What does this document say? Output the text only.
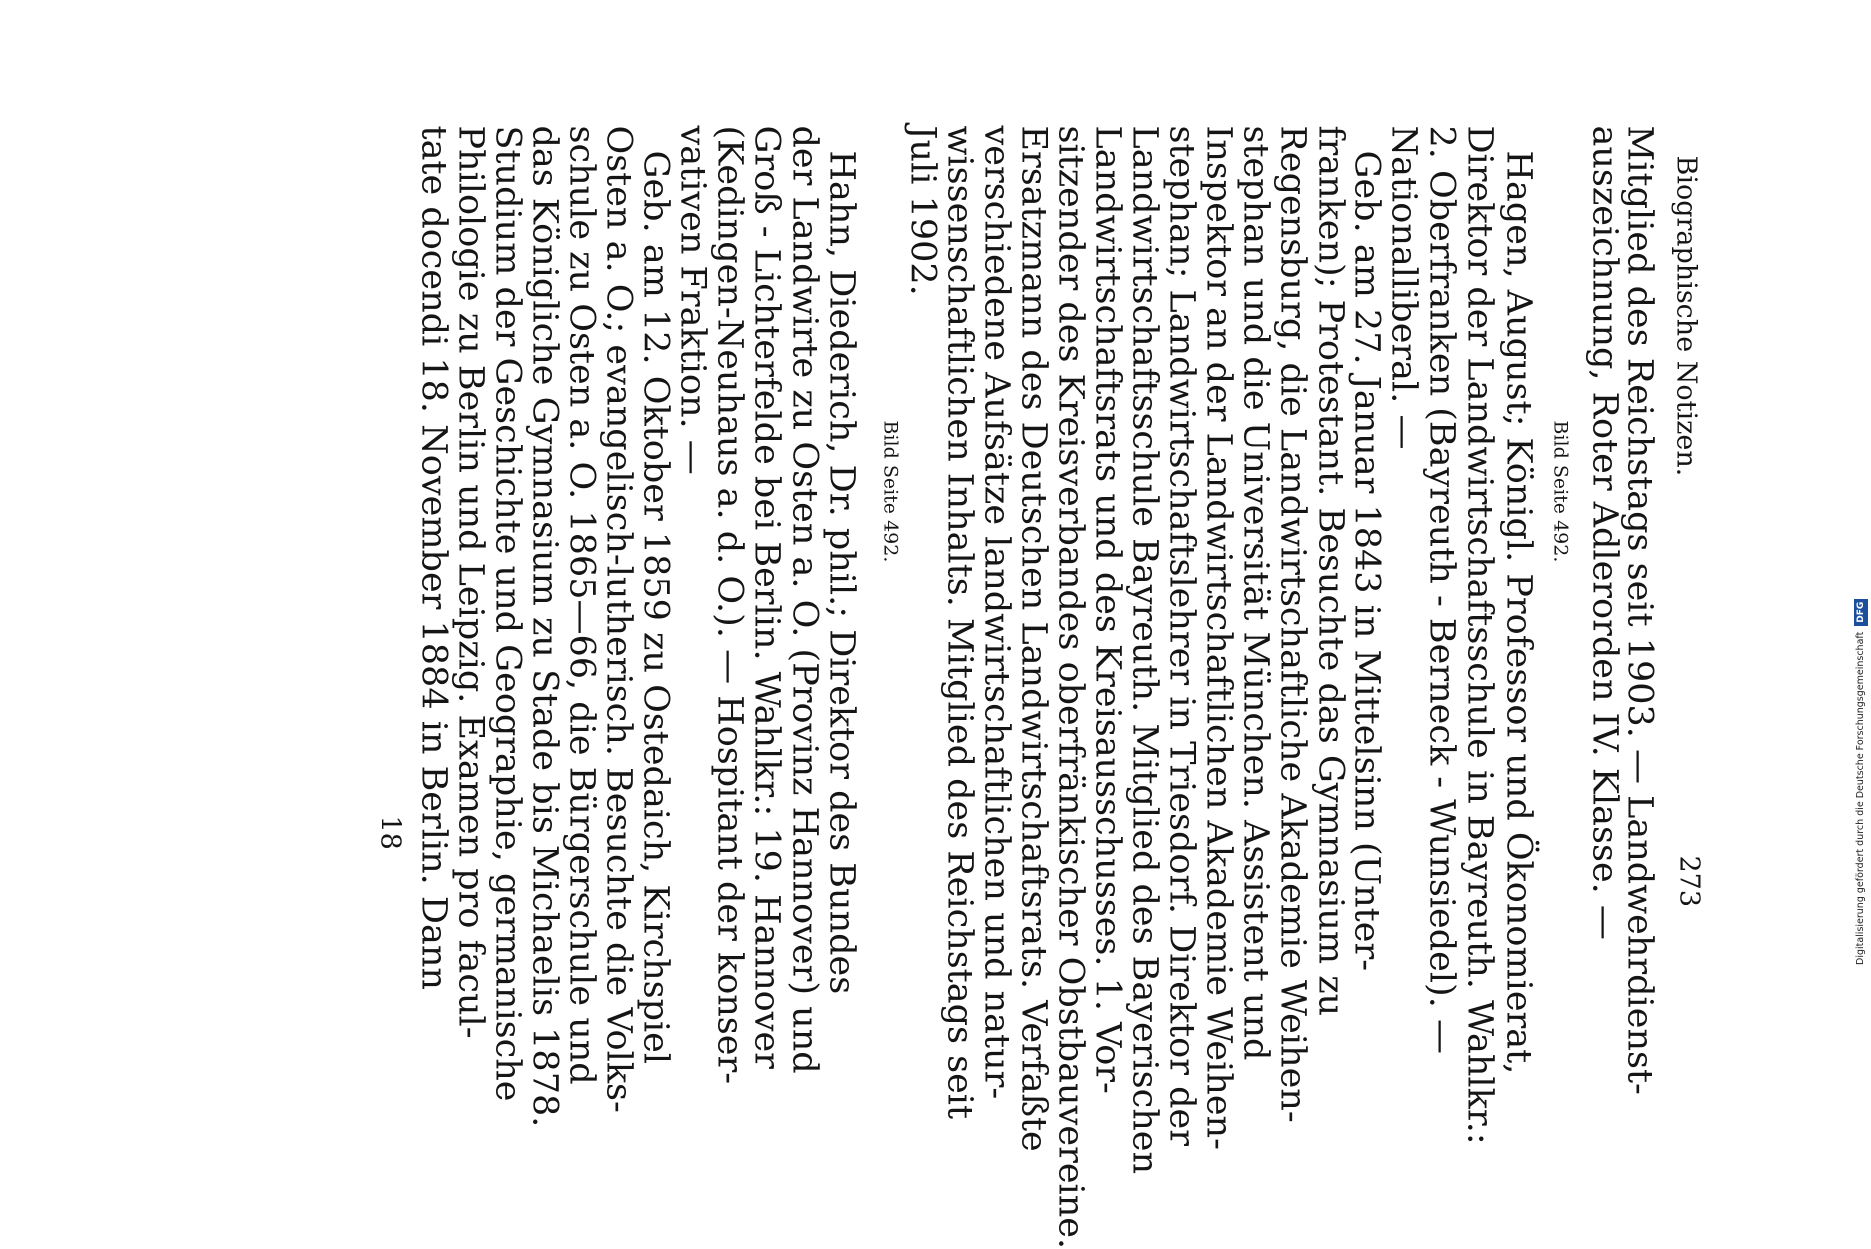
Biographische Notizen.
273
Mitglied des Reichstags seit 1903. — Landwehrdienst-
auszeichnung, Roter Adlerorden IV. Klasse. —
Bild Seite 492.
Hagen, August; Königl. Professor und Ökonomierat,
Direktor der Landwirtschaftsschule in Bayreuth. Wahlkr.:
2. Oberfranken (Bayreuth - Berneck - Wunsiedel). —
Nationalliberal. —
Geb. am 27. Januar 1843 in Mittelsinn (Unter-
franken); Protestant. Besuchte das Gymnasium zu
Regensburg, die Landwirtschaftliche Akademie Weihen-
stephan und die Universität München. Assistent und
Inspektor an der Landwirtschaftlichen Akademie Weihen-
stephan; Landwirtschaftslehrer in Triesdorf. Direktor der
Landwirtschaftsschule Bayreuth. Mitglied des Bayerischen
Landwirtschaftsrats und des Kreisausschusses. 1. Vor-
sitzender des Kreisverbandes oberfränkischer Obstbauvereine.
Ersatzmann des Deutschen Landwirtschaftsrats. Verfaßte
verschiedene Aufsätze landwirtschaftlichen und natur-
wissenschaftlichen Inhalts. Mitglied des Reichstags seit
Juli 1902.
Bild Seite 492.
Hahn, Diederich, Dr. phil.; Direktor des Bundes
der Landwirte zu Osten a. O. (Provinz Hannover) und
Groß - Lichterfelde bei Berlin. Wahlkr.: 19. Hannover
(Kedingen-Neuhaus a. d. O.). — Hospitant der konser-
vativen Fraktion. —
Geb. am 12. Oktober 1859 zu Ostedaich, Kirchspiel
Osten a. O.; evangelisch-lutherisch. Besuchte die Volks-
schule zu Osten a. O. 1865—66, die Bürgerschule und
das Königliche Gymnasium zu Stade bis Michaelis 1878.
Studium der Geschichte und Geographie, germanische
Philologie zu Berlin und Leipzig. Examen pro facul-
tate docendi 18. November 1884 in Berlin. Dann
18	Digitalisierung gefördert durch die Deutsche ForschungsgemeinschaftDFG
